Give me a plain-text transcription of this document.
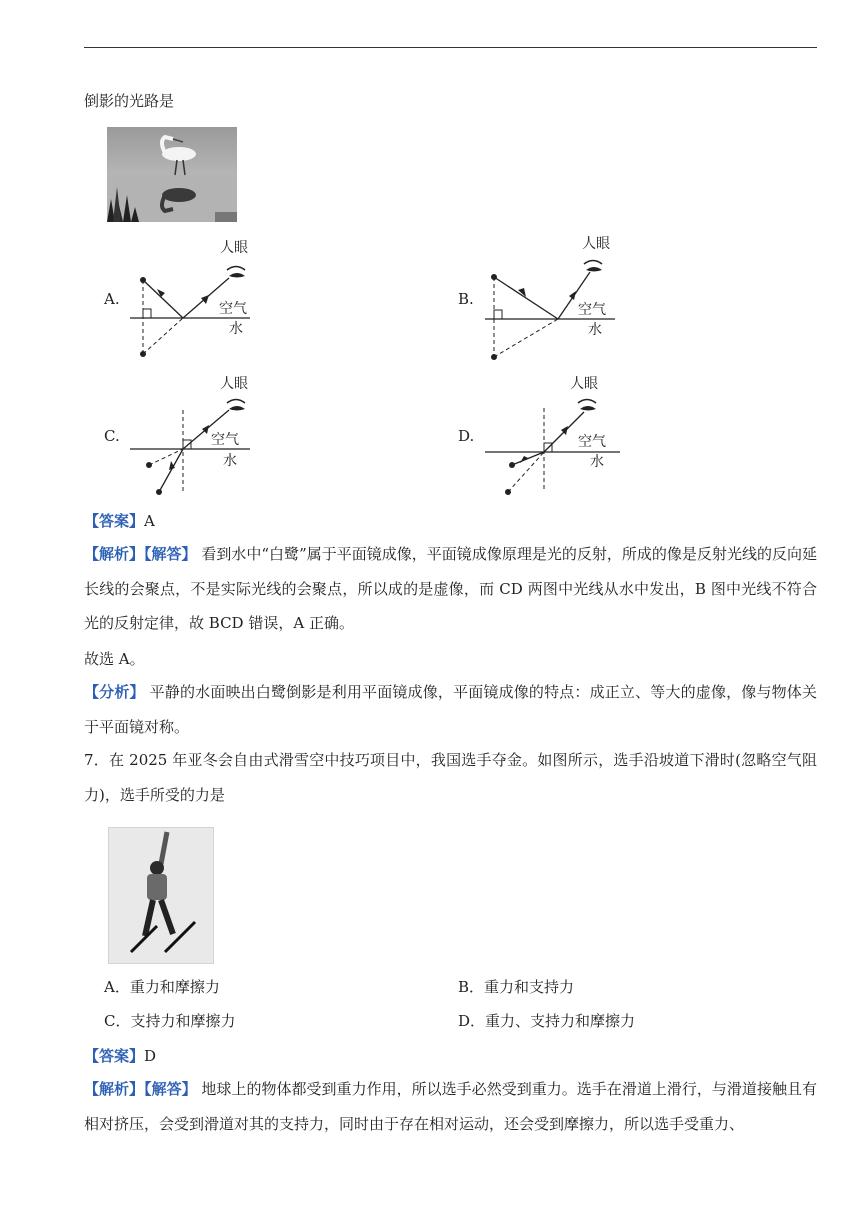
倒影的光路是
A.
人眼
空气
水
B.
人眼
空气
水
C.
人眼
空气
水
D.
人眼
空气
水
【答案】A
【解析】【解答】 看到水中“白鹭”属于平面镜成像，平面镜成像原理是光的反射，所成的像是反射光线的反向延长线的会聚点，不是实际光线的会聚点，所以成的是虚像，而 CD 两图中光线从水中发出，B 图中光线不符合光的反射定律，故 BCD 错误，A 正确。
故选 A。
【分析】 平静的水面映出白鹭倒影是利用平面镜成像，平面镜成像的特点：成正立、等大的虚像，像与物体关于平面镜对称。
7．在 2025 年亚冬会自由式滑雪空中技巧项目中，我国选手夺金。如图所示，选手沿坡道下滑时(忽略空气阻力)，选手所受的力是
A．重力和摩擦力	B．重力和支持力
C．支持力和摩擦力	D．重力、支持力和摩擦力
【答案】D
【解析】【解答】 地球上的物体都受到重力作用，所以选手必然受到重力。选手在滑道上滑行，与滑道接触且有相对挤压，会受到滑道对其的支持力，同时由于存在相对运动，还会受到摩擦力，所以选手受重力、
